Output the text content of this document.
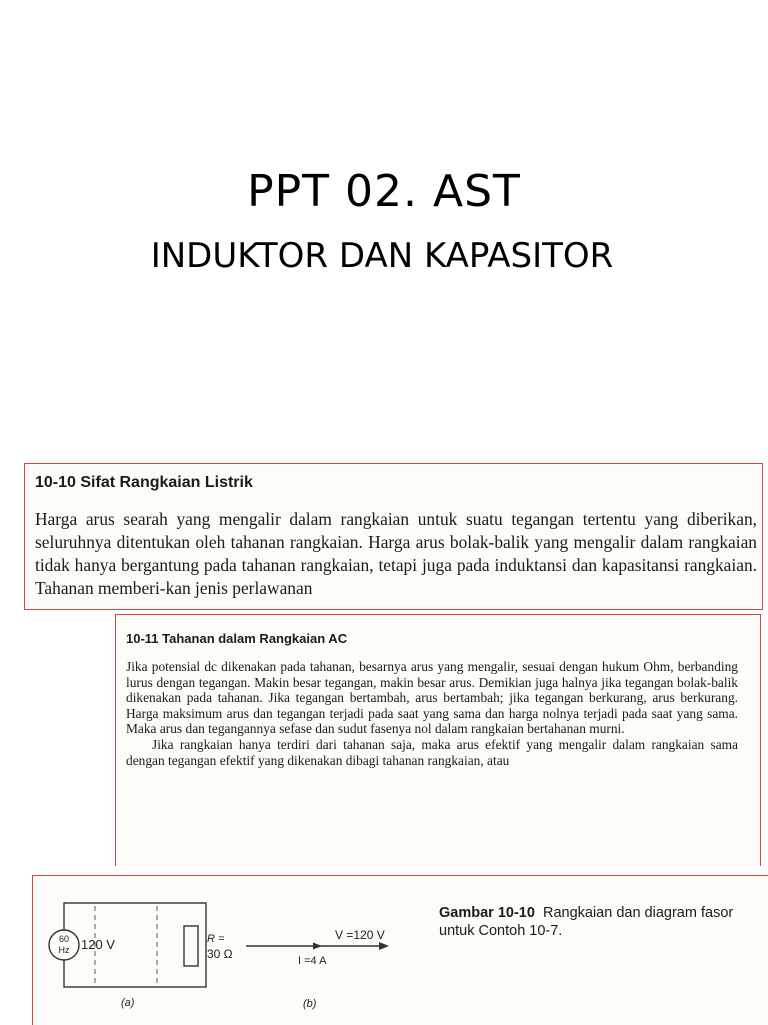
PPT 02. AST
INDUKTOR DAN KAPASITOR
10-10 Sifat Rangkaian Listrik
Harga arus searah yang mengalir dalam rangkaian untuk suatu tegangan tertentu yang diberikan, seluruhnya ditentukan oleh tahanan rangkaian. Harga arus bolak-balik yang mengalir dalam rangkaian tidak hanya bergantung pada tahanan rangkaian, tetapi juga pada induktansi dan kapasitansi rangkaian. Tahanan memberi-kan jenis perlawanan
10-11 Tahanan dalam Rangkaian AC
Jika potensial dc dikenakan pada tahanan, besarnya arus yang mengalir, sesuai dengan hukum Ohm, berbanding lurus dengan tegangan. Makin besar tegangan, makin besar arus. Demikian juga halnya jika tegangan bolak-balik dikenakan pada tahanan. Jika tegangan bertambah, arus bertambah; jika tegangan berkurang, arus berkurang. Harga maksimum arus dan tegangan terjadi pada saat yang sama dan harga nolnya terjadi pada saat yang sama. Maka arus dan tegangannya sefase dan sudut fasenya nol dalam rangkaian bertahanan murni.
Jika rangkaian hanya terdiri dari tahanan saja, maka arus efektif yang mengalir dalam rangkaian sama dengan tegangan efektif yang dikenakan dibagi tahanan rangkaian, atau
60
Hz 120 V	R =
30 Ω
(a)
V =120 V
I =4 A
(b)
Gambar 10-10 Rangkaian dan diagram fasor untuk Contoh 10-7.
